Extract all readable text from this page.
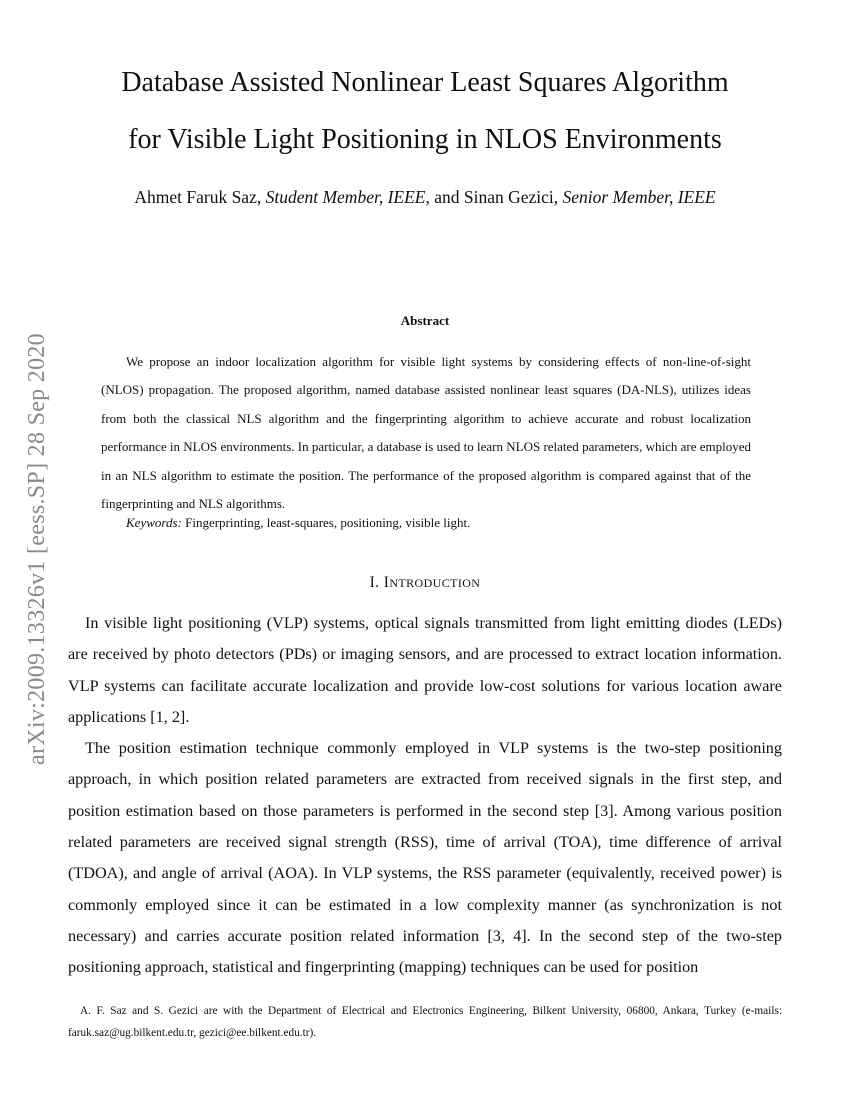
arXiv:2009.13326v1 [eess.SP] 28 Sep 2020
Database Assisted Nonlinear Least Squares Algorithm
for Visible Light Positioning in NLOS Environments
Ahmet Faruk Saz, Student Member, IEEE, and Sinan Gezici, Senior Member, IEEE
Abstract

We propose an indoor localization algorithm for visible light systems by considering effects of non-line-of-sight (NLOS) propagation. The proposed algorithm, named database assisted nonlinear least squares (DA-NLS), utilizes ideas from both the classical NLS algorithm and the fingerprinting algorithm to achieve accurate and robust localization performance in NLOS environments. In particular, a database is used to learn NLOS related parameters, which are employed in an NLS algorithm to estimate the position. The performance of the proposed algorithm is compared against that of the fingerprinting and NLS algorithms.

Keywords: Fingerprinting, least-squares, positioning, visible light.
I. INTRODUCTION

In visible light positioning (VLP) systems, optical signals transmitted from light emitting diodes (LEDs) are received by photo detectors (PDs) or imaging sensors, and are processed to extract location information. VLP systems can facilitate accurate localization and provide low-cost solutions for various location aware applications [1, 2].

The position estimation technique commonly employed in VLP systems is the two-step positioning approach, in which position related parameters are extracted from received signals in the first step, and position estimation based on those parameters is performed in the second step [3]. Among various position related parameters are received signal strength (RSS), time of arrival (TOA), time difference of arrival (TDOA), and angle of arrival (AOA). In VLP systems, the RSS parameter (equivalently, received power) is commonly employed since it can be estimated in a low complexity manner (as synchronization is not necessary) and carries accurate position related information [3, 4]. In the second step of the two-step positioning approach, statistical and fingerprinting (mapping) techniques can be used for position

A. F. Saz and S. Gezici are with the Department of Electrical and Electronics Engineering, Bilkent University, 06800, Ankara, Turkey (e-mails: faruk.saz@ug.bilkent.edu.tr, gezici@ee.bilkent.edu.tr).
